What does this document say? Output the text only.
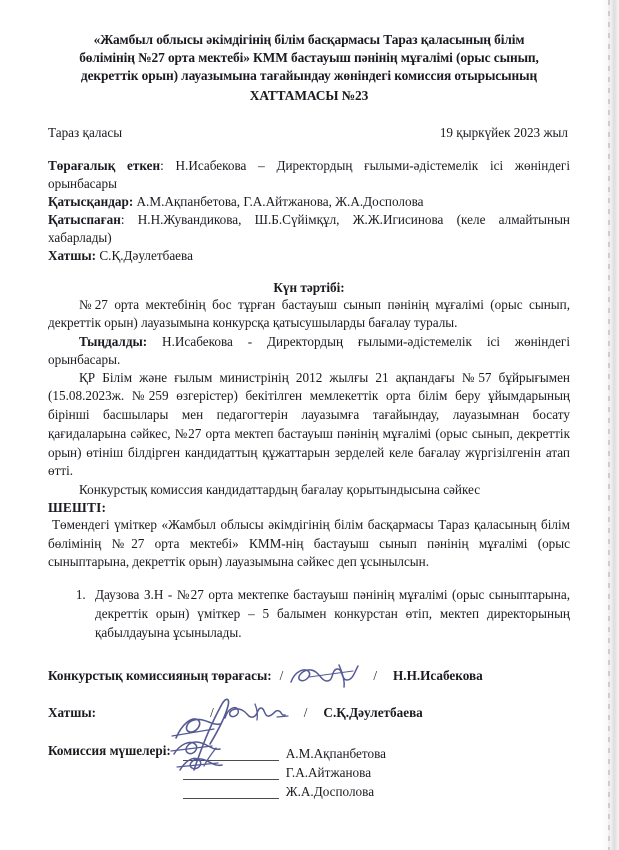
«Жамбыл облысы әкімдігінің білім басқармасы Тараз қаласының білім
бөлімінің №27 орта мектебі» КММ бастауыш пәнінің мұғалімі (орыс сынып,
декреттік орын) лауазымына тағайындау жөніндегі комиссия отырысының
ХАТТАМАСЫ №23
Тараз қаласы	19 қыркүйек 2023 жыл

Төрағалық еткен: Н.Исабекова – Директордың ғылыми-әдістемелік ісі жөніндегі орынбасары

Қатысқандар: А.М.Ақпанбетова, Г.А.Айтжанова, Ж.А.Досполова

Қатыспаған: Н.Н.Жувандикова, Ш.Б.Сүйімқұл, Ж.Ж.Игисинова (келе алмайтынын хабарлады)

Хатшы: С.Қ.Дәулетбаева

Күн тәртібі:

№27 орта мектебінің бос тұрған бастауыш сынып пәнінің мұғалімі (орыс сынып, декреттік орын) лауазымына конкурсқа қатысушыларды бағалау туралы.

Тыңдалды: Н.Исабекова - Директордың ғылыми-әдістемелік ісі жөніндегі орынбасары.

ҚР Білім және ғылым министрінің 2012 жылғы 21 ақпандағы №57 бұйрығымен (15.08.2023ж. №259 өзгерістер) бекітілген мемлекеттік орта білім беру ұйымдарының бірінші басшылары мен педагогтерін лауазымға тағайындау, лауазымнан босату қағидаларына сәйкес, №27 орта мектеп бастауыш пәнінің мұғалімі (орыс сынып, декреттік орын) өтініш білдірген кандидаттың құжаттарын зерделей келе бағалау жүргізілгенін атап өтті.

Конкурстық комиссия кандидаттардың бағалау қорытындысына сәйкес

ШЕШТІ:

Төмендегі үміткер «Жамбыл облысы әкімдігінің білім басқармасы Тараз қаласының білім бөлімінің №27 орта мектебі» КММ-нің бастауыш сынып пәнінің мұғалімі (орыс сыныптарына, декреттік орын) лауазымына сәйкес деп ұсынылсын.

1. Даузова З.Н - №27 орта мектепке бастауыш пәнінің мұғалімі (орыс сыныптарына, декреттік орын) үміткер – 5 балымен конкурстан өтіп, мектеп директорының қабылдауына ұсынылады.
Конкурстық комиссияның төрағасы: /	/	Н.Н.Исабекова
Хатшы:	/	/	С.Қ.Дәулетбаева
Комиссия мүшелері:	А.М.Ақпанбетова
Г.А.Айтжанова
Ж.А.Досполова
